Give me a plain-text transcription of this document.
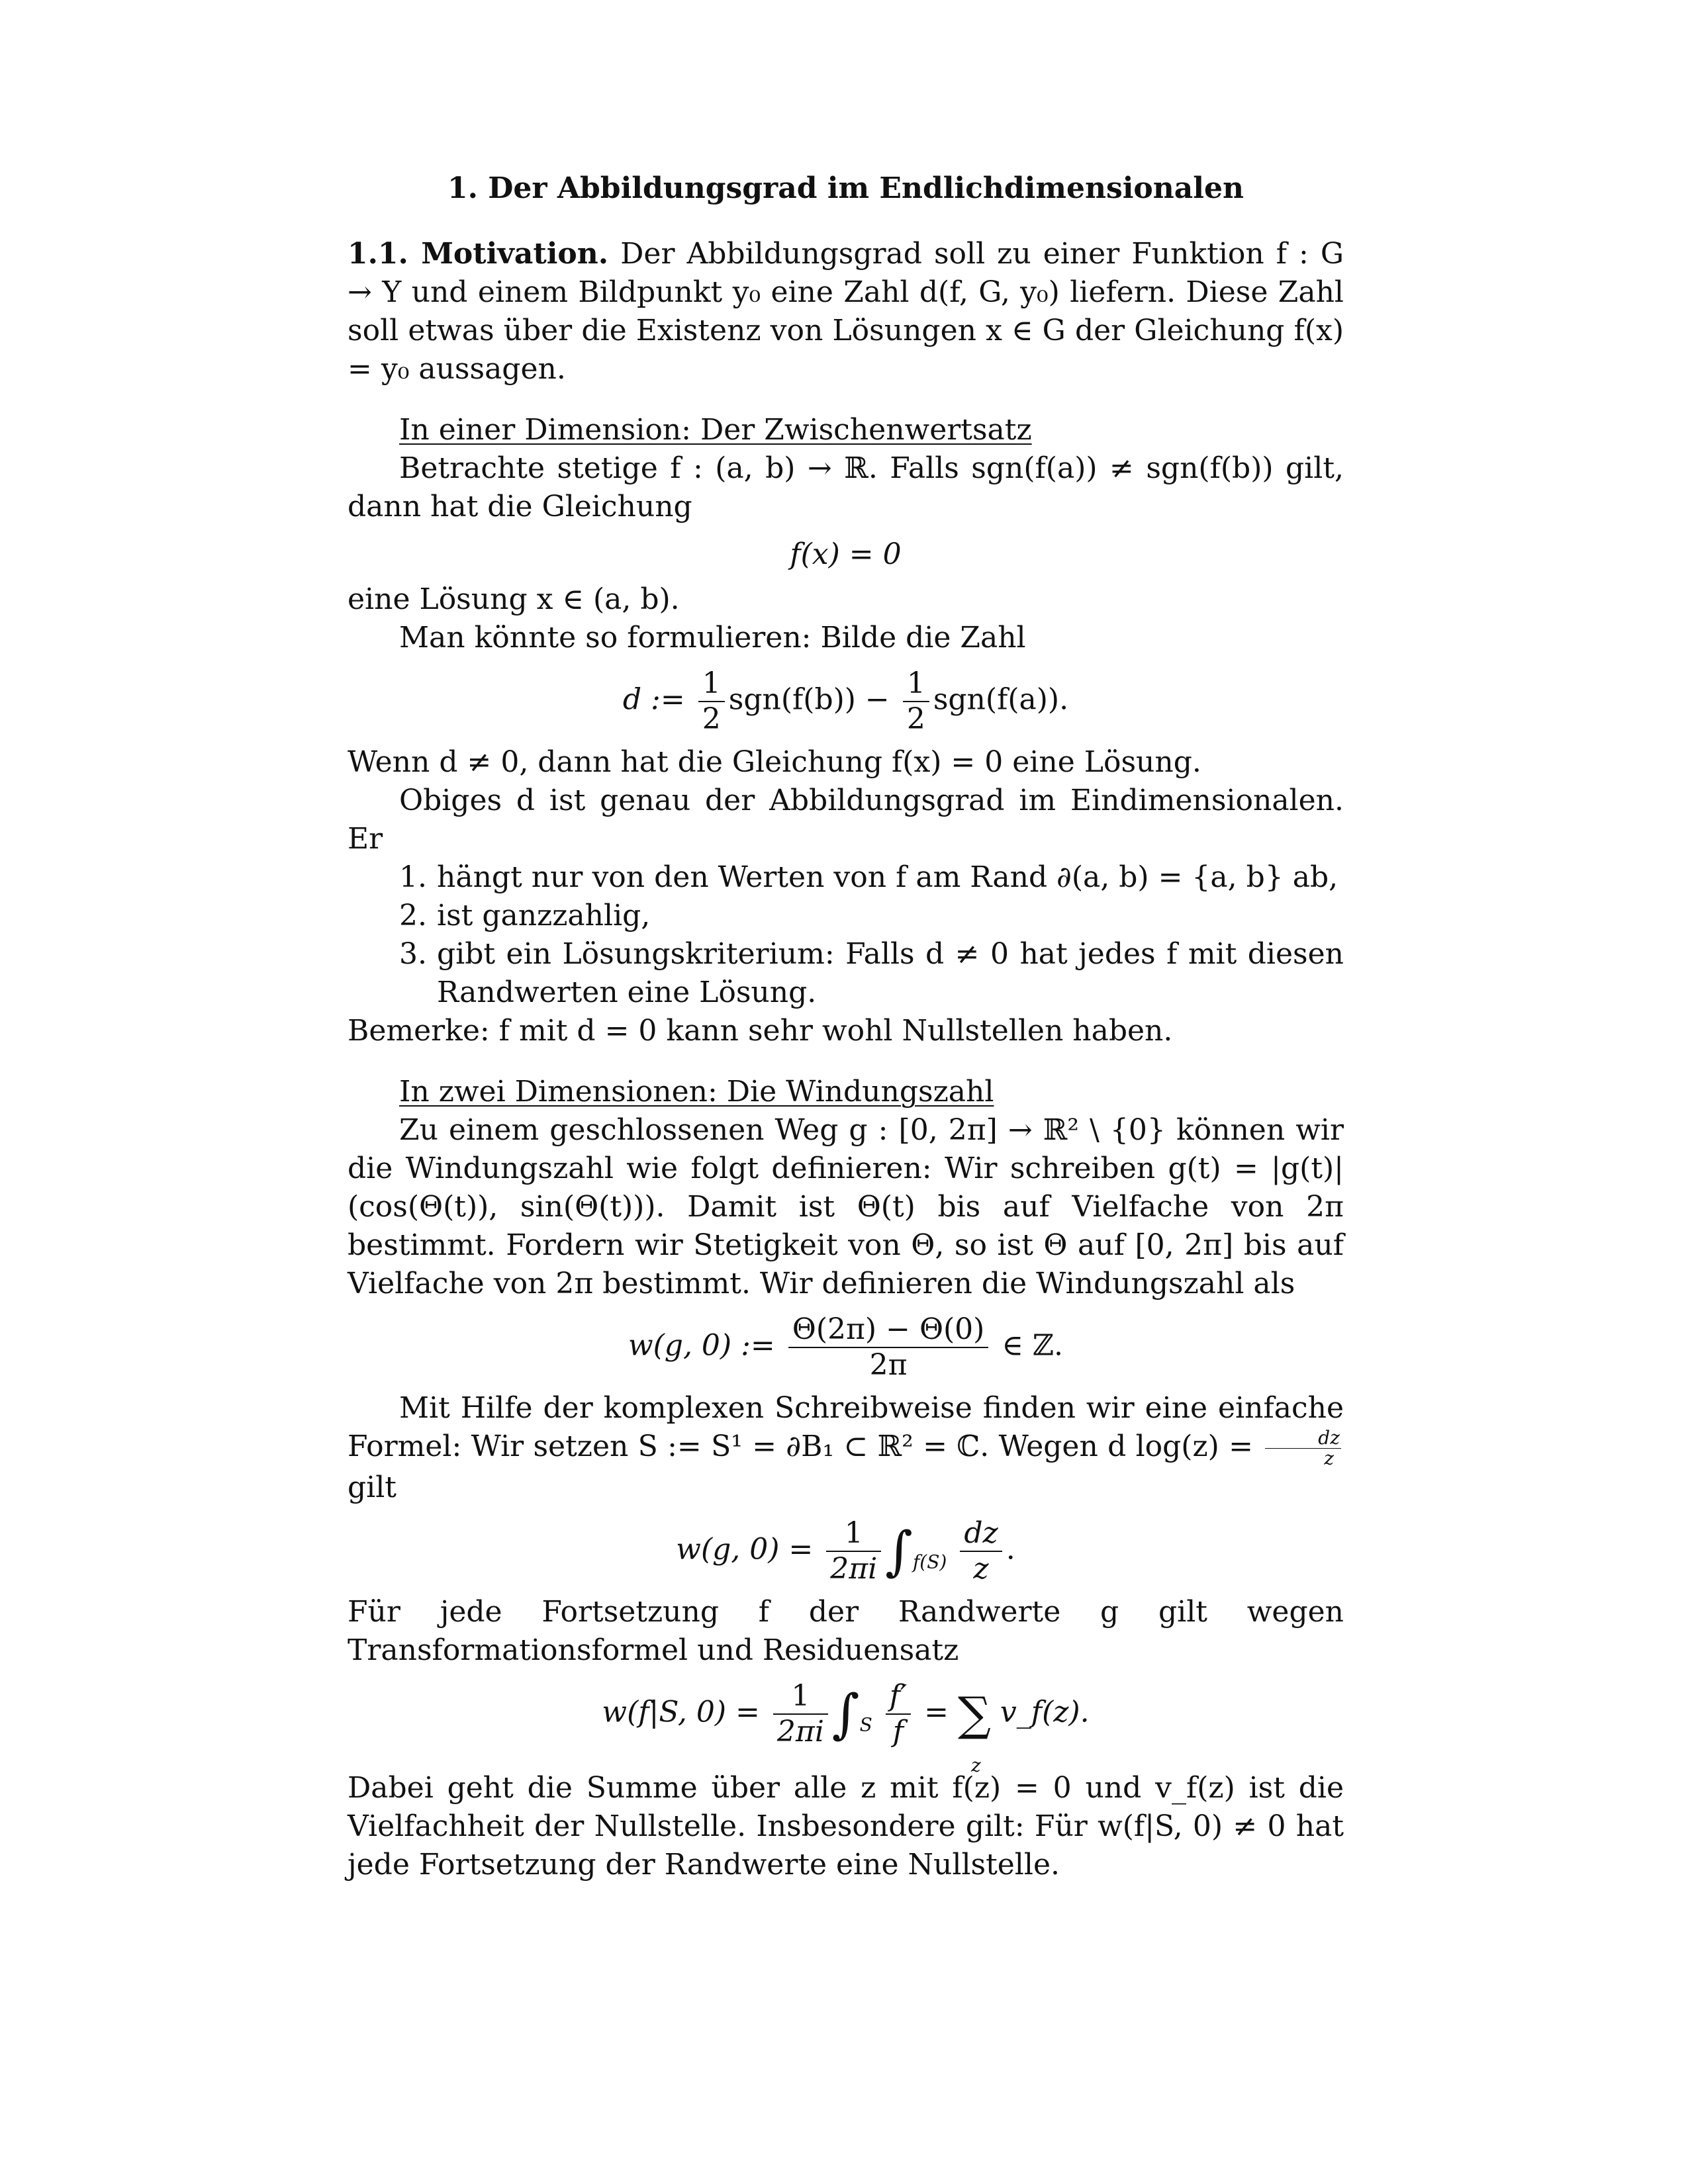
1. Der Abbildungsgrad im Endlichdimensionalen

1.1. Motivation. Der Abbildungsgrad soll zu einer Funktion f : G → Y und einem Bildpunkt y₀ eine Zahl d(f, G, y₀) liefern. Diese Zahl soll etwas über die Existenz von Lösungen x ∈ G der Gleichung f(x) = y₀ aussagen.

In einer Dimension: Der Zwischenwertsatz

Betrachte stetige f : (a, b) → ℝ. Falls sgn(f(a)) ≠ sgn(f(b)) gilt, dann hat die Gleichung

f(x) = 0

eine Lösung x ∈ (a, b).

Man könnte so formulieren: Bilde die Zahl

d := $\frac{1}{2} sgn(f(b)) - \frac{1}{2} sgn(f(a))$.

Wenn d ≠ 0, dann hat die Gleichung f(x) = 0 eine Lösung.

Obiges d ist genau der Abbildungsgrad im Eindimensionalen. Er

1. hängt nur von den Werten von f am Rand ∂(a, b) = {a, b} ab,
2. ist ganzzahlig,
3. gibt ein Lösungskriterium: Falls d ≠ 0 hat jedes f mit diesen Randwerten eine Lösung.

Bemerke: f mit d = 0 kann sehr wohl Nullstellen haben.

In zwei Dimensionen: Die Windungszahl

Zu einem geschlossenen Weg g : [0, 2π] → ℝ² \ {0} können wir die Windungszahl wie folgt definieren: Wir schreiben g(t) = |g(t)|(cos(Θ(t)), sin(Θ(t))). Damit ist Θ(t) bis auf Vielfache von 2π bestimmt. Fordern wir Stetigkeit von Θ, so ist Θ auf [0, 2π] bis auf Vielfache von 2π bestimmt. Wir definieren die Windungszahl als

w(g, 0) := $\frac{\Theta(2\pi) - \Theta(0)}{2\pi}$ ∈ ℤ.

Mit Hilfe der komplexen Schreibweise finden wir eine einfache Formel: Wir setzen S := S¹ = ∂B₁ ⊂ ℝ² = ℂ. Wegen d $\log(z) = \frac{dz}{z}$
gilt

w(g, $0) = \frac{1}{2\pi i} \int_{f(S)} \frac{dz}{z}$ .

Für jede Fortsetzung f der Randwerte g gilt wegen Transformationsformel und Residuensatz

w(f|S, $0) = \frac{1}{2\pi i} \int_S \frac{f'}{f}$ = ∑
z
v_f(z).

Dabei geht die Summe über alle z mit f(z) = 0 und v_f(z) ist die Vielfachheit der Nullstelle. Insbesondere gilt: Für w(f|S, 0) ≠ 0 hat jede Fortsetzung der Randwerte eine Nullstelle.
